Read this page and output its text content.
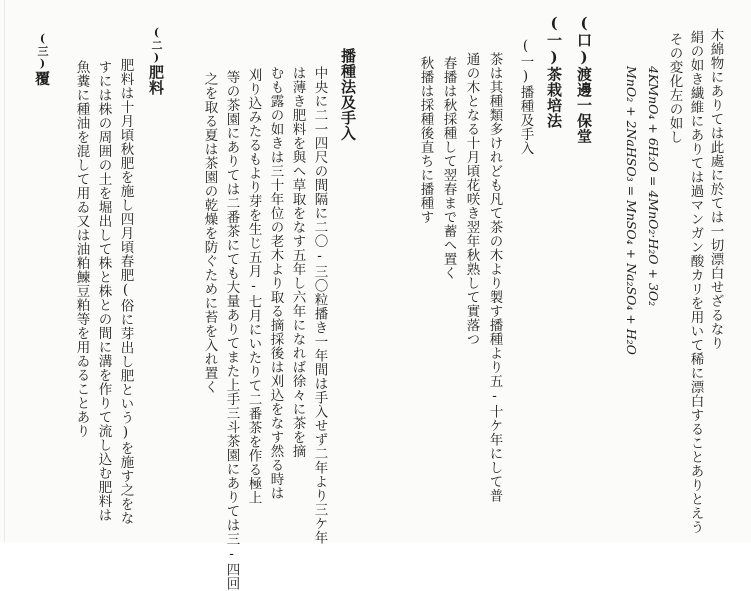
木綿物にありては此處に於ては一切漂白せざるなり
絹の如き繊維にありては過マンガン酸カリを用いて稀に漂白することありとえう
その変化左の如し
4KMnO₄ + 6H₂O = 4MnO₂·H₂O + 3O₂
MnO₂ + 2NaHSO₃ = MnSO₄ + Na₂SO₄ + H₂O
(口)渡邊一保堂
(一)茶栽培法
(一)播種及手入
茶は其種類多けれども凡て茶の木より製す播種より五-十ケ年にして普
通の木となる十月頃花咲き翌年秋熟して實落つ
春播は秋採種して翌春まで蓄へ置く
秋播は採種後直ちに播種す
播種法及手入
中央に二一四尺の間隔に二〇-三〇粒播き一年間は手入せず二年より三ケ年
は薄き肥料を與へ草取をなす五年し六年になれば徐々に茶を摘
むも露の如きは三十年位の老木より取る摘採後は刈込をなす然る時は
刈り込みたるもより芽を生じ五月-七月にいたりて二番茶を作る極上
等の茶園にありては二番茶にても大量ありてまた上手三斗茶園にありては三-四回
之を取る夏は茶園の乾燥を防ぐために苔を入れ置く
(二)肥料
肥料は十月頃秋肥を施し四月頃春肥(俗に芽出し肥という)を施す之をな
すには株の周囲の土を堀出して株と株との間に溝を作りて流し込む肥料は
魚糞に種油を混して用ゐ又は油粕鰊豆粕等を用ゐることあり
(三)覆
